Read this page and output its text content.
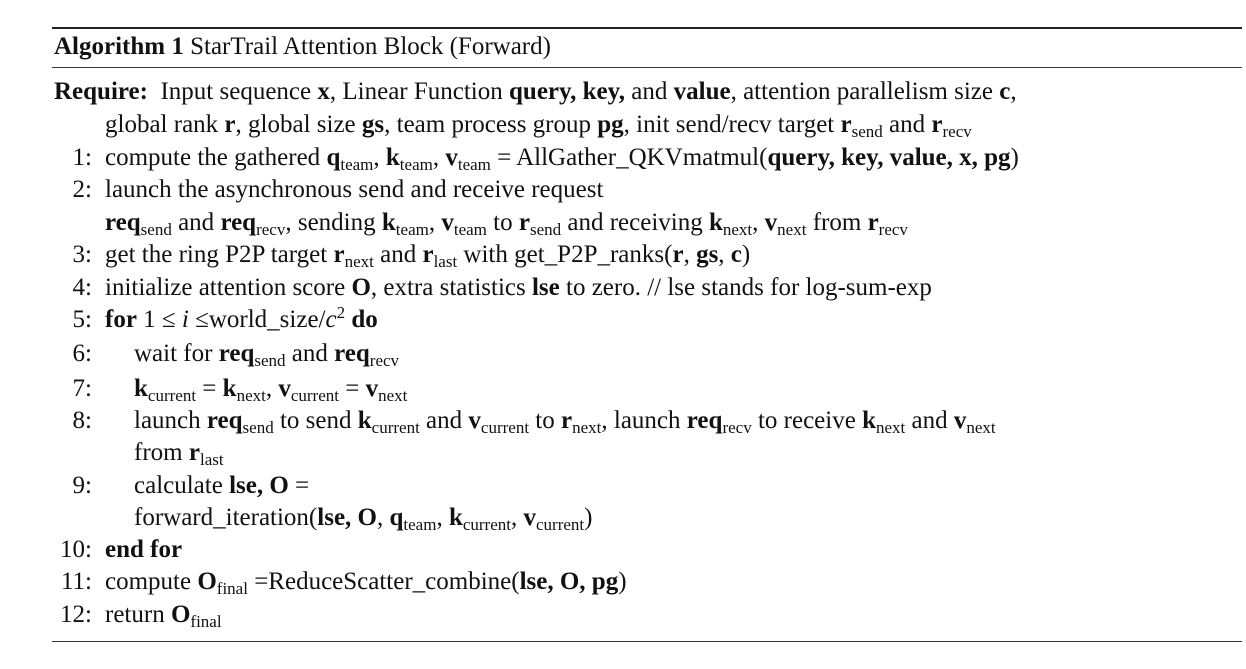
Algorithm 1 StarTrail Attention Block (Forward)
Require: Input sequence x, Linear Function query, key, and value, attention parallelism size c,
global rank r, global size gs, team process group pg, init send/recv target $r_{send}$ and $r_{recv}$
1:
2:
3:
4:
5:
6:
7:
8:
9:
10:
11:
12:
compute the gathered $q_{team}$, $k_{team}$, $v_{team}$ = AllGather_QKVmatmul(query, key, value, x, pg)
launch the asynchronous send and receive request
req$_{send}$ and req$_{recv}$, sending $k_{team}$, $v_{team}$ to $r_{send}$ and receiving $k_{next}$, $v_{next}$ from $r_{recv}$
get the ring P2P target $r_{next}$ and $r_{last}$ with get_P2P_ranks(r, gs, c)
initialize attention score O, extra statistics lse to zero. // lse stands for log-sum-exp
for $1 \le i \le world\_size/c^2$ do
wait for req$_{send}$ and req$_{recv}$
$k_{current} = k_{next}$, $v_{current} = v_{next}$
launch req$_{send}$ to send $k_{current}$ and $v_{current}$ to $r_{next}$, launch req$_{recv}$ to receive $k_{next}$ and $v_{next}$
from $r_{last}$
calculate lse, O =
forward_iteration(lse, O, $q_{team}$, $k_{current}$, $v_{current}$)
end for
compute $O_{final}$ =ReduceScatter_combine(lse, O, pg)
return $O_{final}$
